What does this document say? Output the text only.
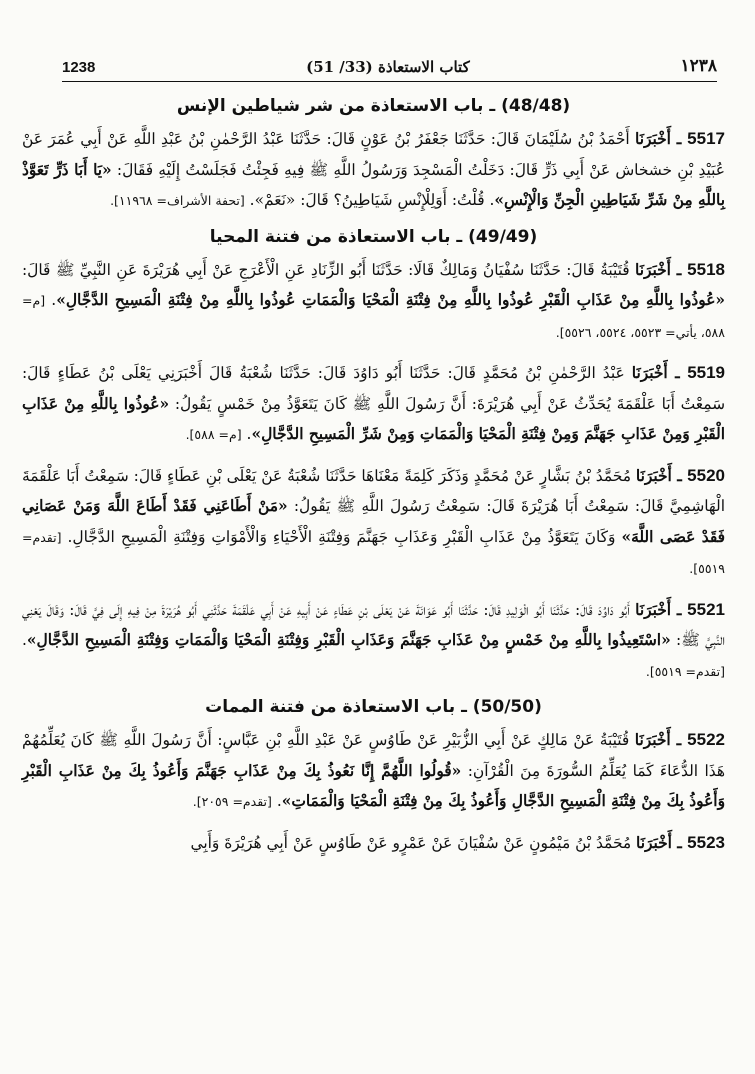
1238	(51 /33) كتاب الاستعاذة	١٢٣٨
(48/48) ـ باب الاستعاذة من شر شياطين الإنس
5517 ـ أَخْبَرَنَا أَحْمَدُ بْنُ سُلَيْمَانَ قَالَ: حَدَّثَنَا جَعْفَرُ بْنُ عَوْنٍ قَالَ: حَدَّثَنَا عَبْدُ الرَّحْمٰنِ بْنُ عَبْدِ اللَّهِ عَنْ أَبِي عُمَرَ عَنْ عُبَيْدِ بْنِ خشخاش عَنْ أَبِي ذَرٍّ قَالَ: دَخَلْتُ الْمَسْجِدَ وَرَسُولُ اللَّهِ ﷺ فِيهِ فَجِئْتُ فَجَلَسْتُ إِلَيْهِ فَقَالَ: «يَا أَبَا ذَرٍّ تَعَوَّذْ بِاللَّهِ مِنْ شَرِّ شَيَاطِينِ الْجِنِّ وَالْإِنْسِ». قُلْتُ: أَوَلِلْإِنْسِ شَيَاطِينُ؟ قَالَ: «نَعَمْ». [تحفة الأشراف= ١١٩٦٨].
(49/49) ـ باب الاستعاذة من فتنة المحيا
5518 ـ أَخْبَرَنَا قُتَيْبَةُ قَالَ: حَدَّثَنَا سُفْيَانُ وَمَالِكٌ قَالَا: حَدَّثَنَا أَبُو الزِّنَادِ عَنِ الْأَعْرَجِ عَنْ أَبِي هُرَيْرَةَ عَنِ النَّبِيِّ ﷺ قَالَ: «عُوذُوا بِاللَّهِ مِنْ عَذَابِ الْقَبْرِ عُوذُوا بِاللَّهِ مِنْ فِتْنَةِ الْمَحْيَا وَالْمَمَاتِ عُوذُوا بِاللَّهِ مِنْ فِتْنَةِ الْمَسِيحِ الدَّجَّالِ». [م= ٥٨٨، يأتي= ٥٥٢٣، ٥٥٢٤، ٥٥٢٦].
5519 ـ أَخْبَرَنَا عَبْدُ الرَّحْمٰنِ بْنُ مُحَمَّدٍ قَالَ: حَدَّثَنَا أَبُو دَاوُدَ قَالَ: حَدَّثَنَا شُعْبَةُ قَالَ أَخْبَرَنِي يَعْلَى بْنُ عَطَاءٍ قَالَ: سَمِعْتُ أَبَا عَلْقَمَةَ يُحَدِّثُ عَنْ أَبِي هُرَيْرَةَ: أَنَّ رَسُولَ اللَّهِ ﷺ كَانَ يَتَعَوَّذُ مِنْ خَمْسٍ يَقُولُ: «عُوذُوا بِاللَّهِ مِنْ عَذَابِ الْقَبْرِ وَمِنْ عَذَابِ جَهَنَّمَ وَمِنْ فِتْنَةِ الْمَحْيَا وَالْمَمَاتِ وَمِنْ شَرِّ الْمَسِيحِ الدَّجَّالِ». [م= ٥٨٨].
5520 ـ أَخْبَرَنَا مُحَمَّدُ بْنُ بَشَّارٍ عَنْ مُحَمَّدٍ وَذَكَرَ كَلِمَةً مَعْنَاهَا حَدَّثَنَا شُعْبَةُ عَنْ يَعْلَى بْنِ عَطَاءٍ قَالَ: سَمِعْتُ أَبَا عَلْقَمَةَ الْهَاشِمِيَّ قَالَ: سَمِعْتُ أَبَا هُرَيْرَةَ قَالَ: سَمِعْتُ رَسُولَ اللَّهِ ﷺ يَقُولُ: «مَنْ أَطَاعَنِي فَقَدْ أَطَاعَ اللَّهَ وَمَنْ عَصَانِي فَقَدْ عَصَى اللَّهَ» وَكَانَ يَتَعَوَّذُ مِنْ عَذَابِ الْقَبْرِ وَعَذَابِ جَهَنَّمَ وَفِتْنَةِ الْأَحْيَاءِ وَالْأَمْوَاتِ وَفِتْنَةِ الْمَسِيحِ الدَّجَّالِ. [تقدم= ٥٥١٩].
5521 ـ أَخْبَرَنَا أَبُو دَاوُدَ قَالَ: حَدَّثَنَا أَبُو الْوَلِيدِ قَالَ: حَدَّثَنَا أَبُو عَوَانَةَ عَنْ يَعْلَى بْنِ عَطَاءٍ عَنْ أَبِيهِ عَنْ أَبِي عَلْقَمَةَ حَدَّثَنِي أَبُو هُرَيْرَةَ مِنْ فِيهِ إِلَى فِيَّ قَالَ: وَقَالَ يَعْنِي النَّبِيَّ ﷺ: «اسْتَعِيذُوا بِاللَّهِ مِنْ خَمْسٍ مِنْ عَذَابِ جَهَنَّمَ وَعَذَابِ الْقَبْرِ وَفِتْنَةِ الْمَحْيَا وَالْمَمَاتِ وَفِتْنَةِ الْمَسِيحِ الدَّجَّالِ». [تقدم= ٥٥١٩].
(50/50) ـ باب الاستعاذة من فتنة الممات
5522 ـ أَخْبَرَنَا قُتَيْبَةُ عَنْ مَالِكٍ عَنْ أَبِي الزُّبَيْرِ عَنْ طَاوُسٍ عَنْ عَبْدِ اللَّهِ بْنِ عَبَّاسٍ: أَنَّ رَسُولَ اللَّهِ ﷺ كَانَ يُعَلِّمُهُمْ هَذَا الدُّعَاءَ كَمَا يُعَلِّمُ السُّورَةَ مِنَ الْقُرْآنِ: «قُولُوا اللَّهُمَّ إِنَّا نَعُوذُ بِكَ مِنْ عَذَابِ جَهَنَّمَ وَأَعُوذُ بِكَ مِنْ عَذَابِ الْقَبْرِ وَأَعُوذُ بِكَ مِنْ فِتْنَةِ الْمَسِيحِ الدَّجَّالِ وَأَعُوذُ بِكَ مِنْ فِتْنَةِ الْمَحْيَا وَالْمَمَاتِ». [تقدم= ٢٠٥٩].
5523 ـ أَخْبَرَنَا مُحَمَّدُ بْنُ مَيْمُونٍ عَنْ سُفْيَانَ عَنْ عَمْرٍو عَنْ طَاوُسٍ عَنْ أَبِي هُرَيْرَةَ وَأَبِي
